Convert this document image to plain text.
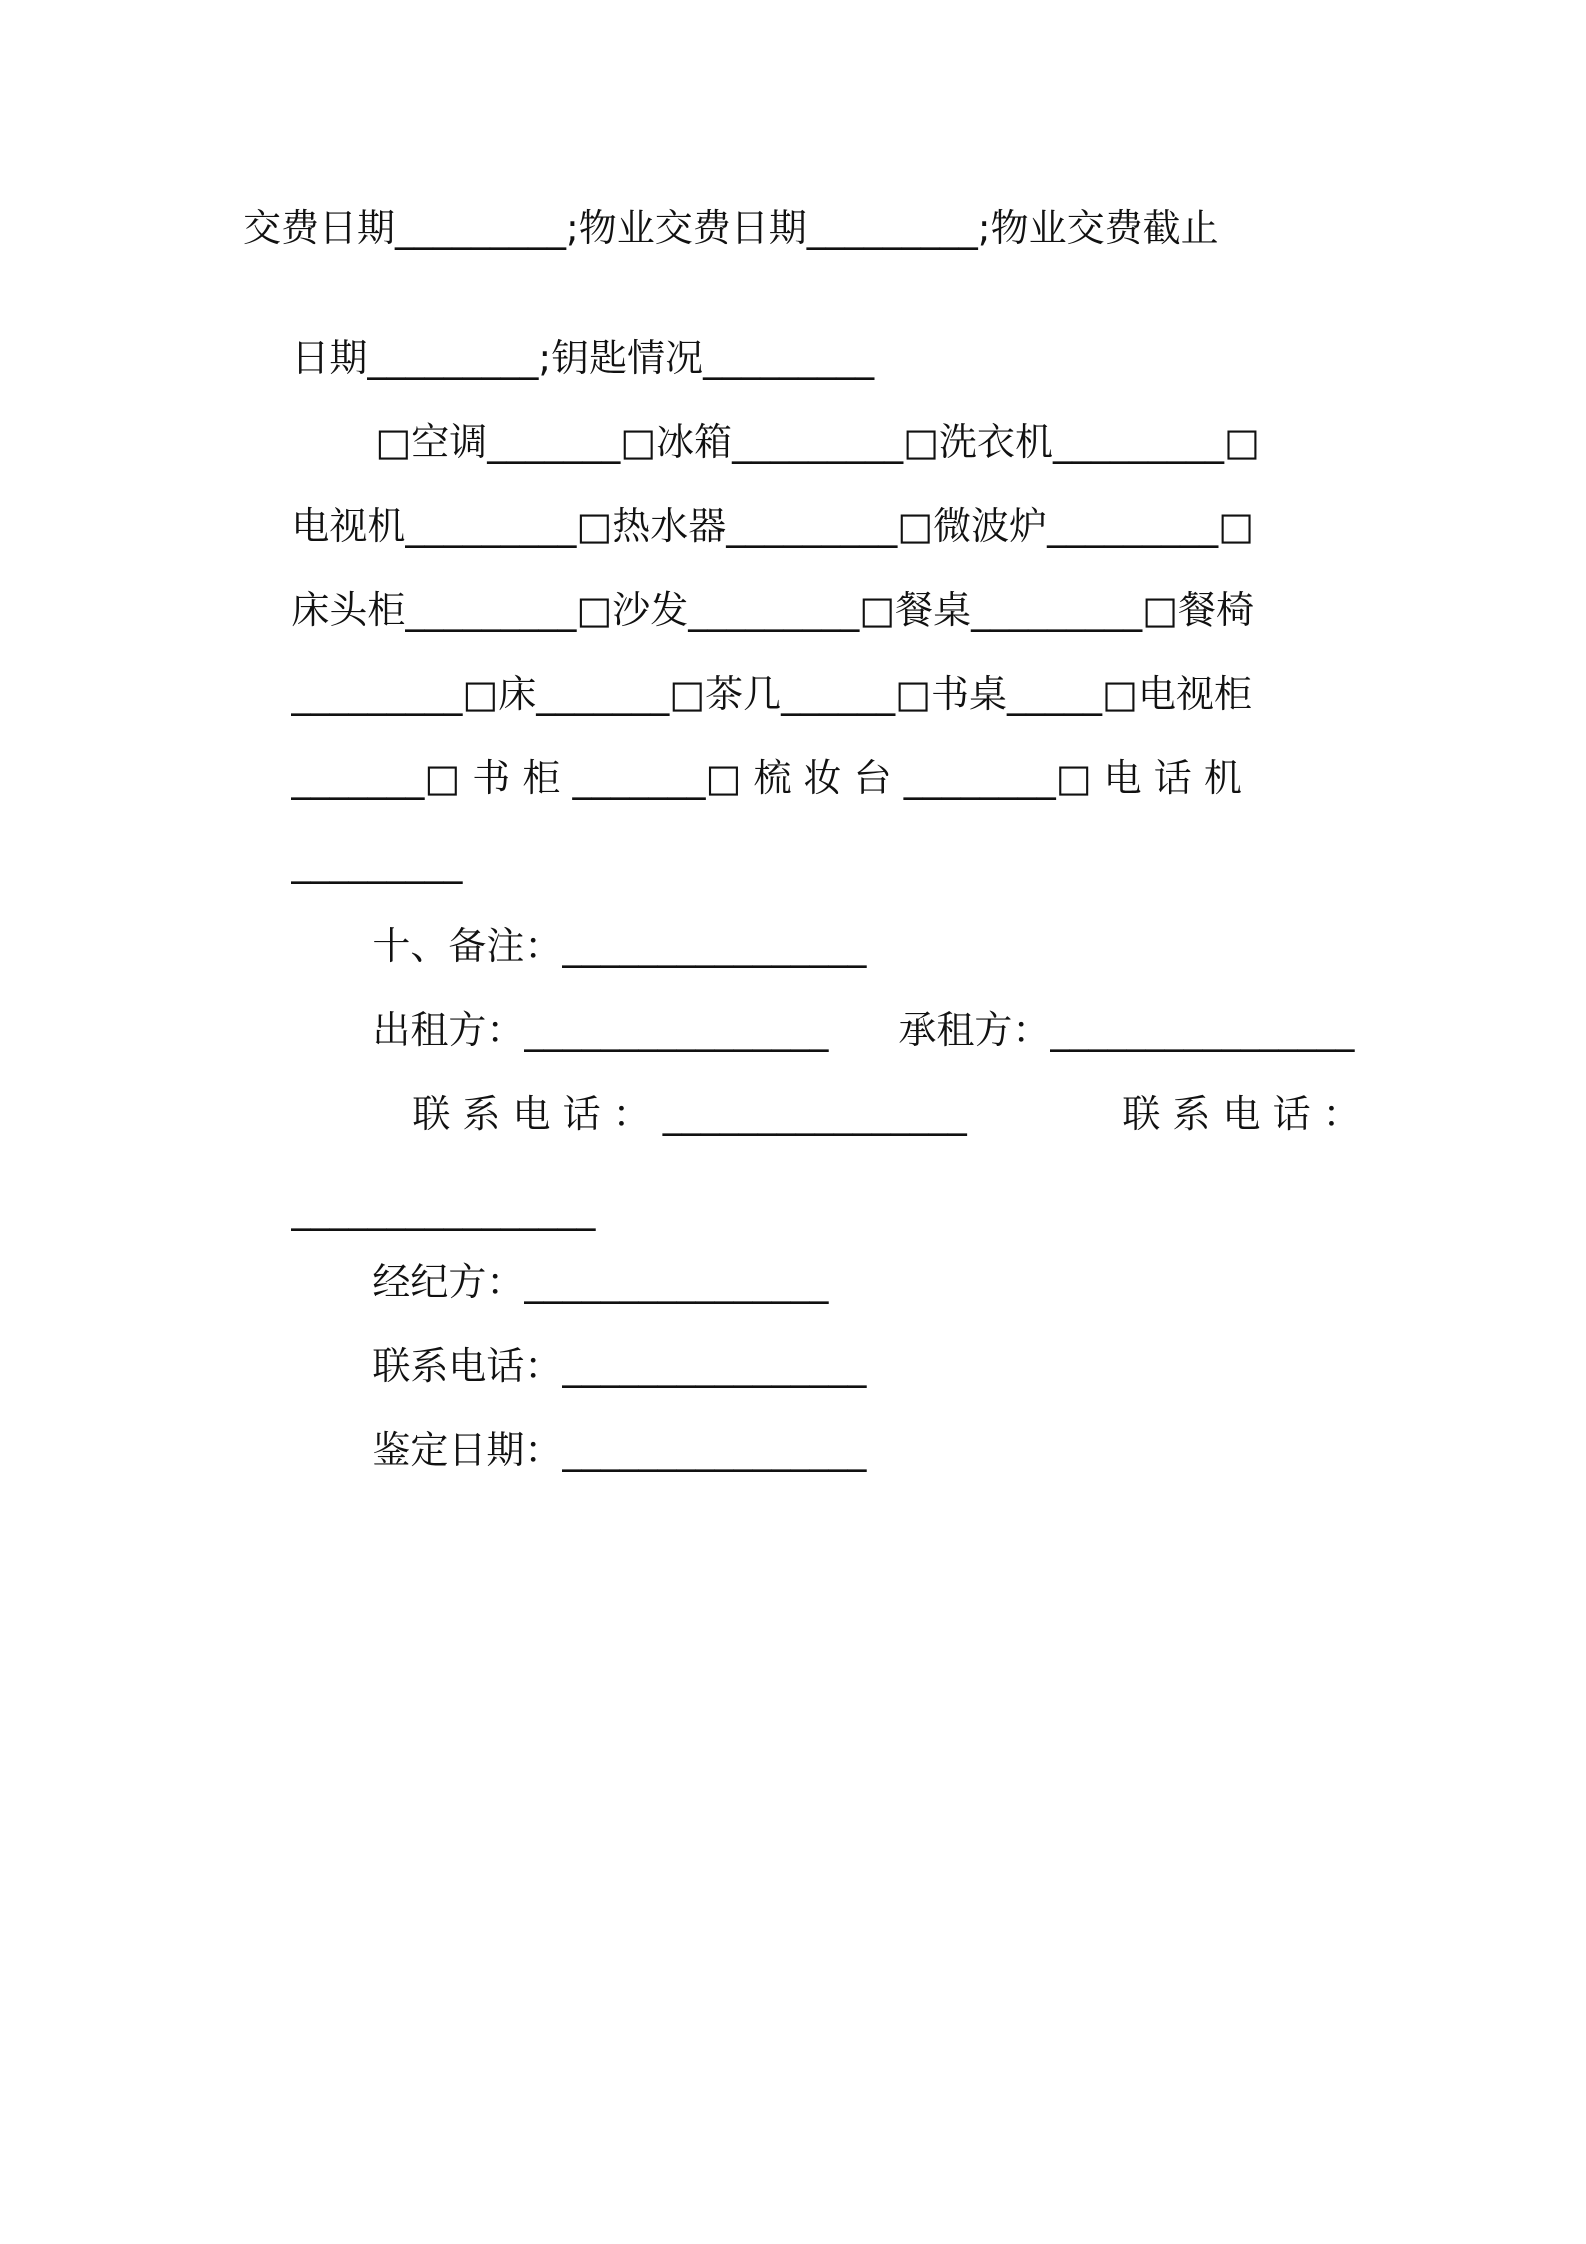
交费日期_________;物业交费日期_________;物业交费截止

日期_________;钥匙情况_________

□空调_______□冰箱_________□洗衣机_________□

电视机_________□热水器_________□微波炉_________□

床头柜_________□沙发_________□餐桌_________□餐椅

_________□床_______□茶几______□书桌_____□电视柜

_______□ 书 柜 _______□ 梳 妆 台 ________□ 电 话 机

_________

十、备注：________________

出租方：________________
	承租方：________________

联 系 电 话 ： ________________
	联 系 电 话 ：

________________

经纪方：________________

联系电话：________________

鉴定日期：________________
